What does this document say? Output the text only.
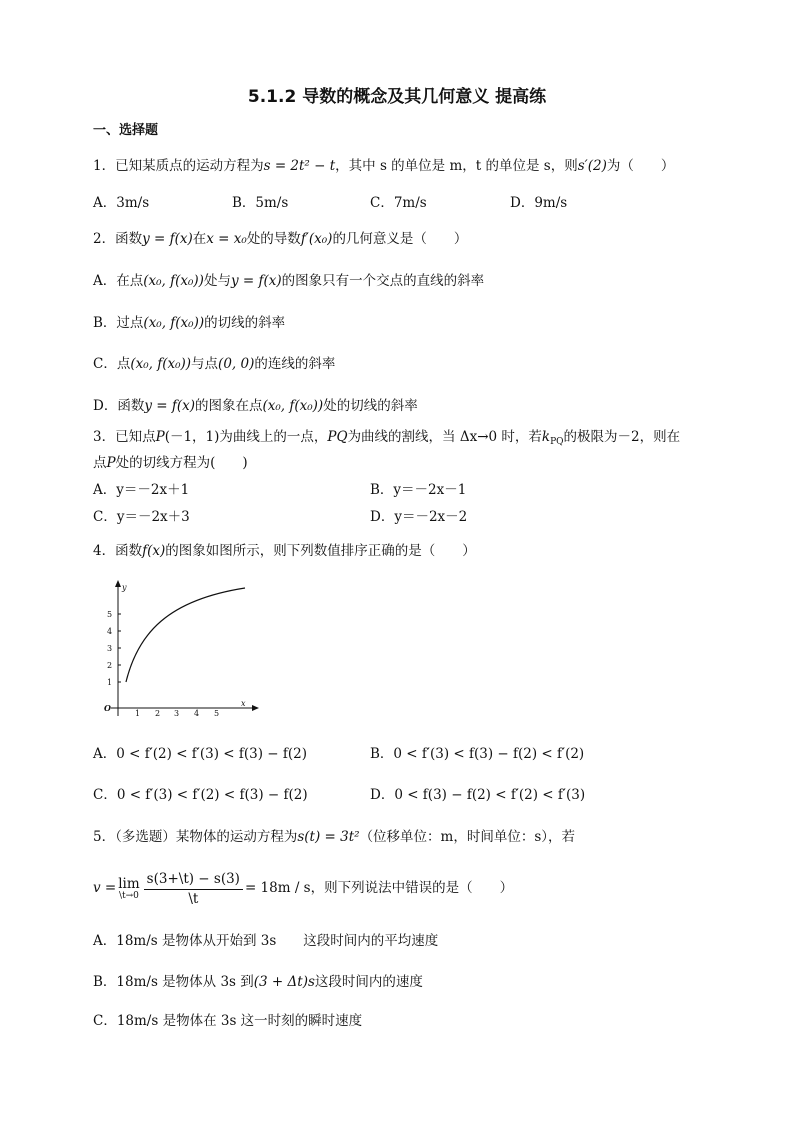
5.1.2 导数的概念及其几何意义 提高练
一、选择题
1．已知某质点的运动方程为s = 2t² − t，其中 s 的单位是 m，t 的单位是 s，则s′(2)为（　　）
A．3m/s	B．5m/s	C．7m/s	D．9m/s
2．函数y = f(x)在x = x₀处的导数f′(x₀)的几何意义是（　　）
A．在点(x₀, f(x₀))处与y = f(x)的图象只有一个交点的直线的斜率
B．过点(x₀, f(x₀))的切线的斜率
C．点(x₀, f(x₀))与点(0, 0)的连线的斜率
D．函数y = f(x)的图象在点(x₀, f(x₀))处的切线的斜率
3．已知点P(－1，1)为曲线上的一点，PQ为曲线的割线，当 Δx→0 时，若$k_{PQ}$的极限为－2，则在
点P处的切线方程为(　　)
A．y＝－2x＋1	B．y＝－2x－1
C．y＝－2x＋3	D．y＝－2x－2
4．函数f(x)的图象如图所示，则下列数值排序正确的是（　　）
1
2
3
4
5
1 2 3 4 5
y
x
O
A．0 < f′(2) < f′(3) < f(3) − f(2)	B．0 < f′(3) < f(3) − f(2) < f′(2)
C．0 < f′(3) < f′(2) < f(3) − f(2)	D．0 < f(3) − f(2) < f′(2) < f′(3)
5．（多选题）某物体的运动方程为s(t) = 3t²（位移单位：m，时间单位：s），若
v = lim
\t→0 $\frac{s(3+\backslash t) - s(3)}{\backslash t} = 18m / s$，则下列说法中错误的是（　　）
A．18m/s 是物体从开始到 3s　　这段时间内的平均速度
B．18m/s 是物体从 3s 到(3 + Δt)s这段时间内的速度
C．18m/s 是物体在 3s 这一时刻的瞬时速度
